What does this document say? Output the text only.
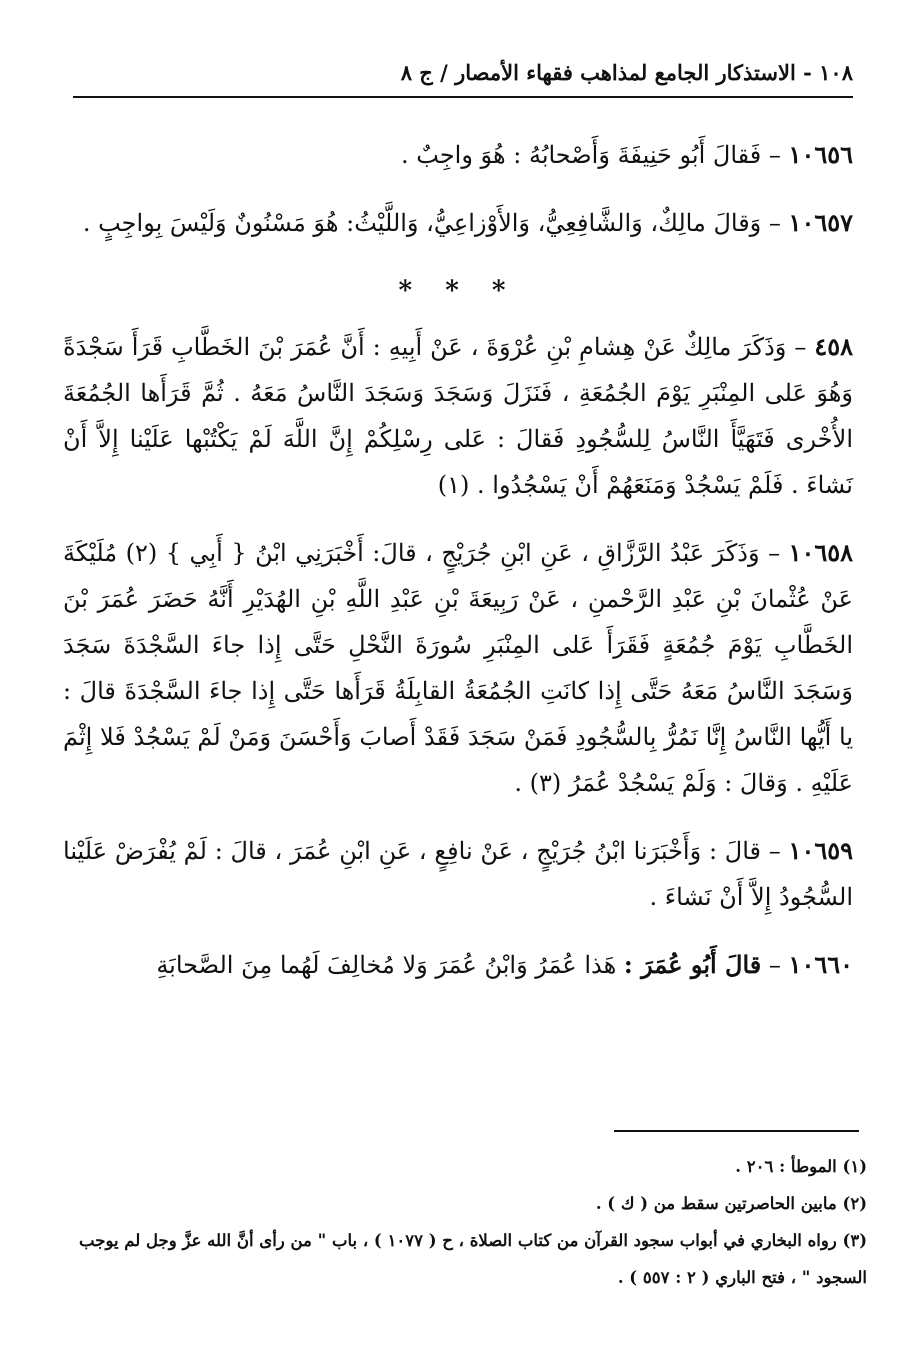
١٠٨ - الاستذكار الجامع لمذاهب فقهاء الأمصار / ج ٨

١٠٦٥٦ – فَقالَ أَبُو حَنِيفَةَ وَأَصْحابُهُ : هُوَ واجِبٌ .

١٠٦٥٧ – وَقالَ مالِكٌ، وَالشَّافِعِيُّ، وَالأَوْزاعِيُّ، وَاللَّيْثُ: هُوَ مَسْنُونٌ وَلَيْسَ بِواجِبٍ .

* * *

٤٥٨ – وَذَكَرَ مالِكٌ عَنْ هِشامِ بْنِ عُرْوَةَ ، عَنْ أَبِيهِ : أَنَّ عُمَرَ بْنَ الخَطَّابِ قَرَأَ سَجْدَةً وَهُوَ عَلى المِنْبَرِ يَوْمَ الجُمُعَةِ ، فَنَزَلَ وَسَجَدَ وَسَجَدَ النَّاسُ مَعَهُ . ثُمَّ قَرَأَها الجُمُعَةَ الأُخْرى فَتَهَيَّأَ النَّاسُ لِلسُّجُودِ فَقالَ : عَلى رِسْلِكُمْ إِنَّ اللَّهَ لَمْ يَكْتُبْها عَلَيْنا إِلاَّ أَنْ نَشاءَ . فَلَمْ يَسْجُدْ وَمَنَعَهُمْ أَنْ يَسْجُدُوا . (١)

١٠٦٥٨ – وَذَكَرَ عَبْدُ الرَّزَّاقِ ، عَنِ ابْنِ جُرَيْجٍ ، قالَ: أَخْبَرَنِي ابْنُ { أَبِي } (٢) مُلَيْكَةَ عَنْ عُثْمانَ بْنِ عَبْدِ الرَّحْمنِ ، عَنْ رَبِيعَةَ بْنِ عَبْدِ اللَّهِ بْنِ الهُدَيْرِ أَنَّهُ حَضَرَ عُمَرَ بْنَ الخَطَّابِ يَوْمَ جُمُعَةٍ فَقَرَأَ عَلى المِنْبَرِ سُورَةَ النَّحْلِ حَتَّى إِذا جاءَ السَّجْدَةَ سَجَدَ وَسَجَدَ النَّاسُ مَعَهُ حَتَّى إِذا كانَتِ الجُمُعَةُ القابِلَةُ قَرَأَها حَتَّى إِذا جاءَ السَّجْدَةَ قالَ : يا أَيُّها النَّاسُ إِنَّا نَمُرُّ بِالسُّجُودِ فَمَنْ سَجَدَ فَقَدْ أَصابَ وَأَحْسَنَ وَمَنْ لَمْ يَسْجُدْ فَلا إِثْمَ عَلَيْهِ . وَقالَ : وَلَمْ يَسْجُدْ عُمَرُ (٣) .

١٠٦٥٩ – قالَ : وَأَخْبَرَنا ابْنُ جُرَيْجٍ ، عَنْ نافِعٍ ، عَنِ ابْنِ عُمَرَ ، قالَ : لَمْ يُفْرَضْ عَلَيْنا السُّجُودُ إِلاَّ أَنْ نَشاءَ .

١٠٦٦٠ – قالَ أَبُو عُمَرَ : هَذا عُمَرُ وَابْنُ عُمَرَ وَلا مُخالِفَ لَهُما مِنَ الصَّحابَةِ

(١) الموطأ : ٢٠٦ .

(٢) مابين الحاصرتين سقط من ( ك ) .

(٣) رواه البخاري في أبواب سجود القرآن من كتاب الصلاة ، ح ( ١٠٧٧ ) ، باب " من رأى أنَّ الله عزَّ وجل لم يوجب السجود " ، فتح الباري ( ٢ : ٥٥٧ ) .
